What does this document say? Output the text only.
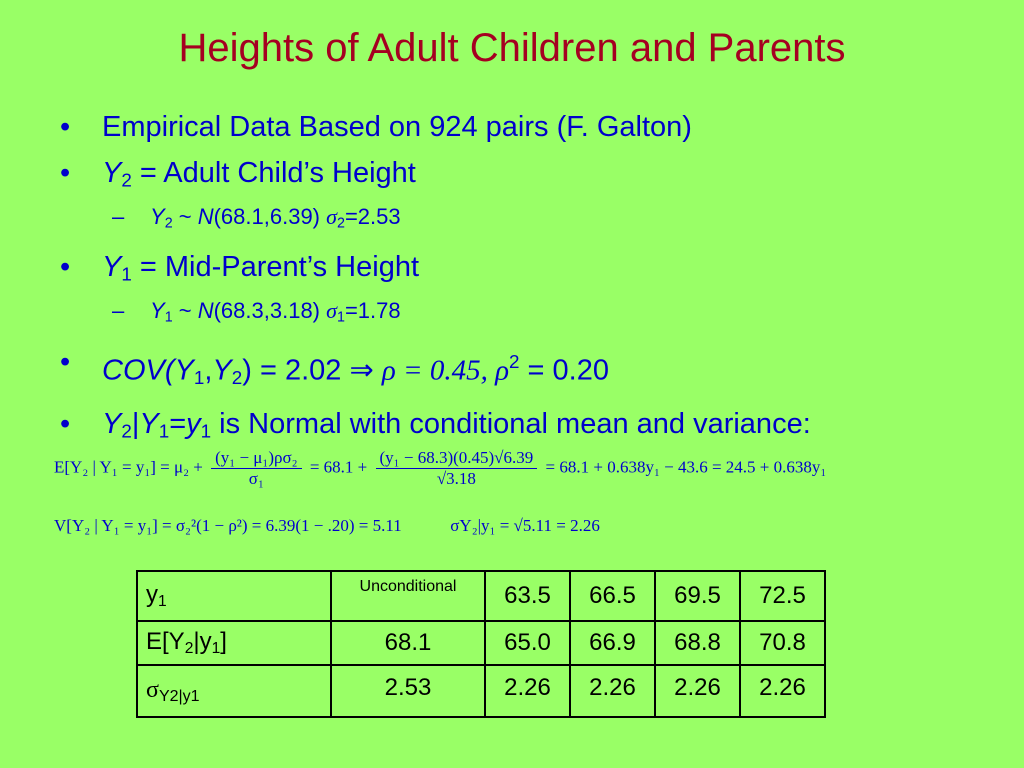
Heights of Adult Children and Parents
• Empirical Data Based on 924 pairs (F. Galton)
• $Y_2$ = Adult Child’s Height
– $Y_2$ ~ N(68.1,6.39) $\sigma_2=2.53$
• $Y_1$ = Mid-Parent’s Height
– $Y_1$ ~ N(68.3,3.18) $\sigma_1=1.78$
• $COV(Y_1,Y_2) = 2.02$ ⇒ ρ = 0.45, $\rho^2 = 0.20$
• $Y_2|Y_1=y_1$ is Normal with conditional mean and variance:
E[Y₂ | $Y_1 = y_1] = \mu_2 + \frac{\text{(y₁ − μ₁)ρσ₂}}{\text{σ₁}} = 68.1 + \frac{\text{(y₁ − 68.3)(0.45)√6.39}}{√3.18} = 68.1 + 0.638y_1 - 43.6 = 24.5 + 0.638y_1$
V[Y₂ | Y₁ = y₁] = σ₂²(1 − ρ²) = 6.39(1 − .20) = 5.11	σY₂|y₁ = √5.11 = 2.26
$y_1$	Unconditional	63.5	66.5	69.5	72.5
$E[Y_2|y_1]$	68.1	65.0	66.9	68.8	70.8
$\sigma_{Y2|y1}$	2.53	2.26	2.26	2.26	2.26
